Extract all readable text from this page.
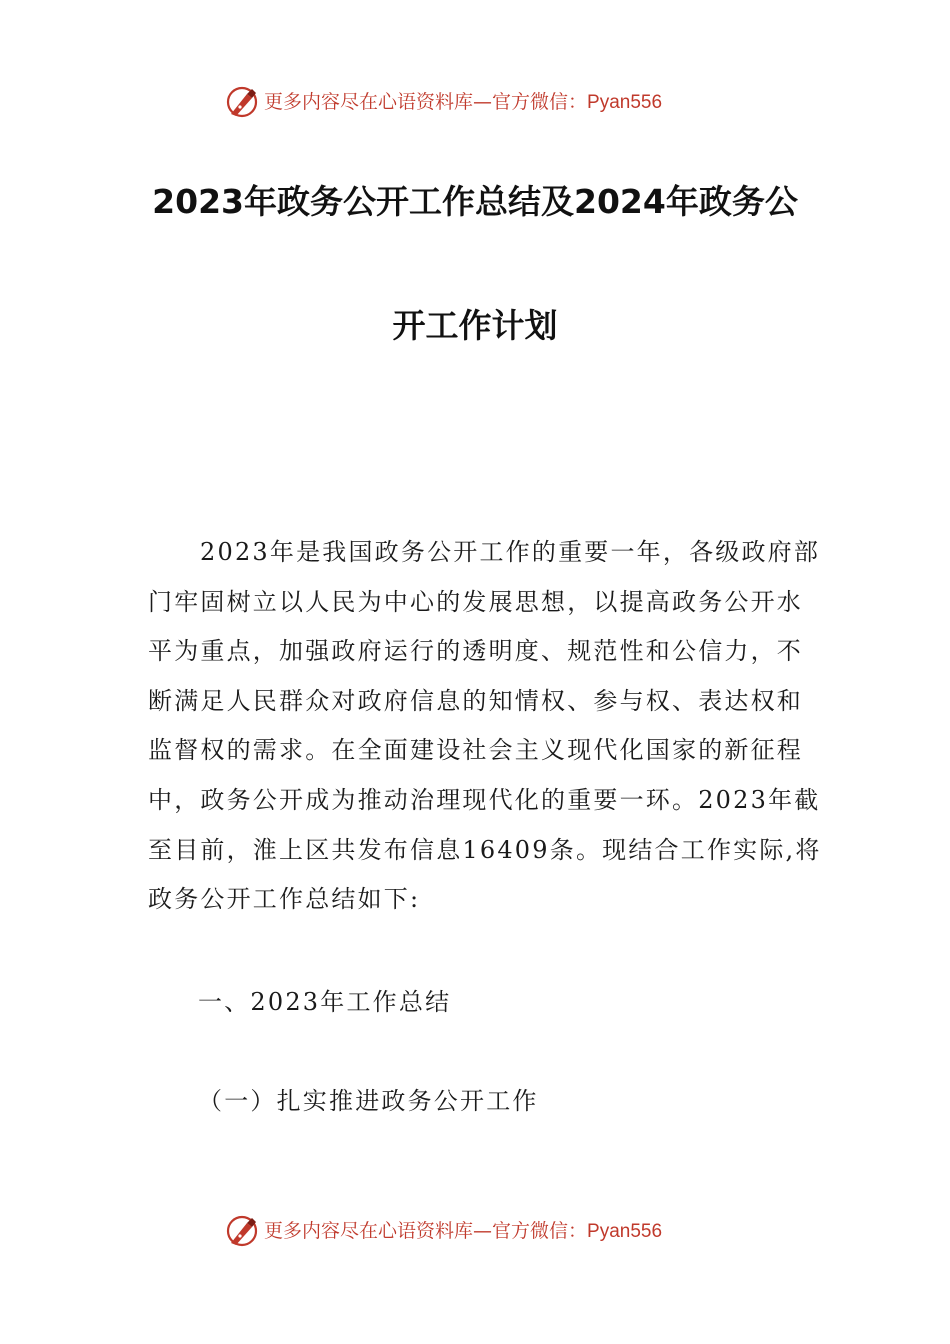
更多内容尽在心语资料库—官方微信：Pyan556
2023年政务公开工作总结及2024年政务公
开工作计划
2023年是我国政务公开工作的重要一年，各级政府部
门牢固树立以人民为中心的发展思想，以提高政务公开水
平为重点，加强政府运行的透明度、规范性和公信力，不
断满足人民群众对政府信息的知情权、参与权、表达权和
监督权的需求。在全面建设社会主义现代化国家的新征程
中，政务公开成为推动治理现代化的重要一环。2023年截
至目前，淮上区共发布信息16409条。现结合工作实际,将
政务公开工作总结如下:
一、2023年工作总结
（一）扎实推进政务公开工作
更多内容尽在心语资料库—官方微信：Pyan556
